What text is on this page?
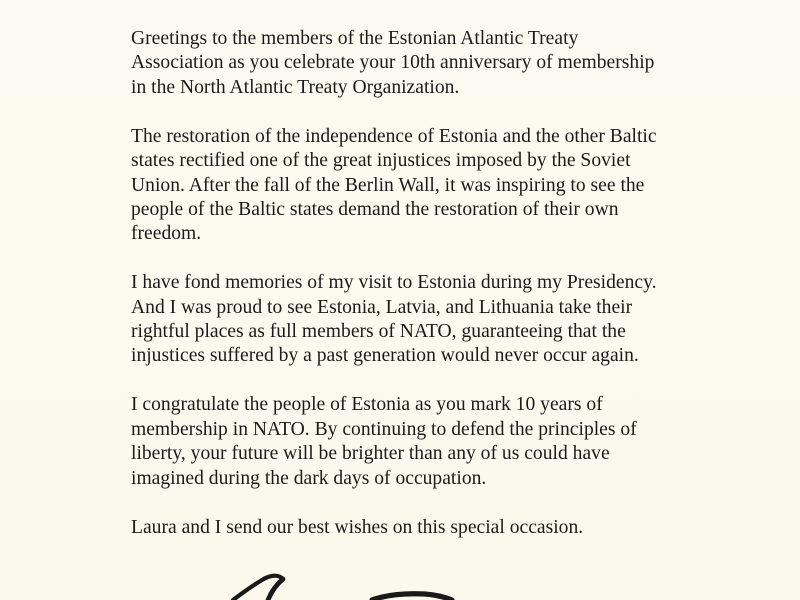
Greetings to the members of the Estonian Atlantic Treaty
Association as you celebrate your 10th anniversary of membership
in the North Atlantic Treaty Organization.

The restoration of the independence of Estonia and the other Baltic
states rectified one of the great injustices imposed by the Soviet
Union. After the fall of the Berlin Wall, it was inspiring to see the
people of the Baltic states demand the restoration of their own
freedom.

I have fond memories of my visit to Estonia during my Presidency.
And I was proud to see Estonia, Latvia, and Lithuania take their
rightful places as full members of NATO, guaranteeing that the
injustices suffered by a past generation would never occur again.

I congratulate the people of Estonia as you mark 10 years of
membership in NATO. By continuing to defend the principles of
liberty, your future will be brighter than any of us could have
imagined during the dark days of occupation.

Laura and I send our best wishes on this special occasion.
